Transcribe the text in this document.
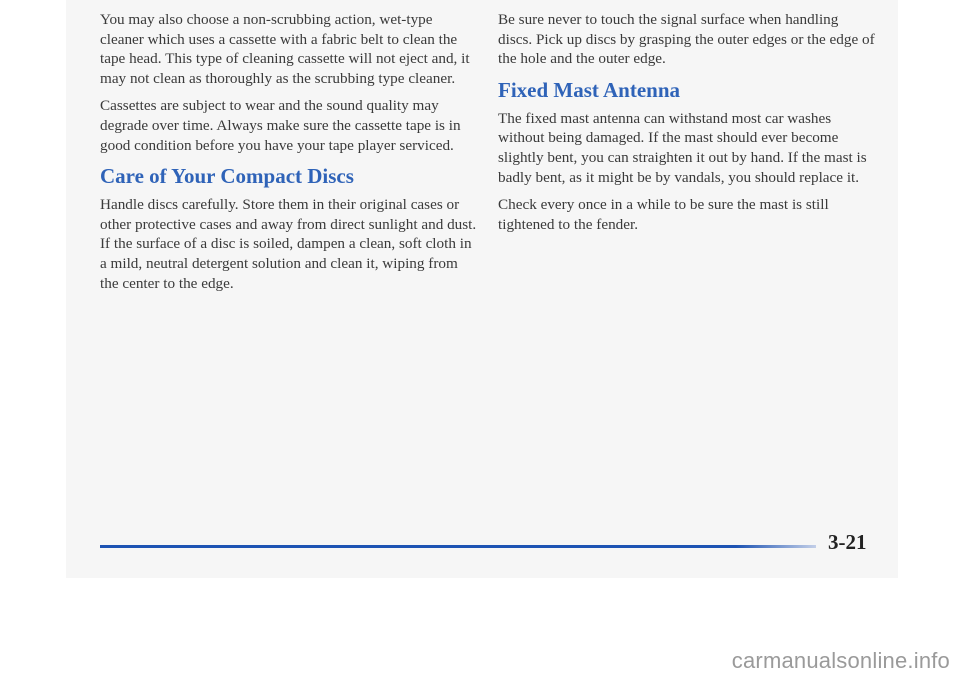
You may also choose a non-scrubbing action, wet-type cleaner which uses a cassette with a fabric belt to clean the tape head. This type of cleaning cassette will not eject and, it may not clean as thoroughly as the scrubbing type cleaner.

Cassettes are subject to wear and the sound quality may degrade over time. Always make sure the cassette tape is in good condition before you have your tape player serviced.

Care of Your Compact Discs

Handle discs carefully. Store them in their original cases or other protective cases and away from direct sunlight and dust. If the surface of a disc is soiled, dampen a clean, soft cloth in a mild, neutral detergent solution and clean it, wiping from the center to the edge.

Be sure never to touch the signal surface when handling discs. Pick up discs by grasping the outer edges or the edge of the hole and the outer edge.

Fixed Mast Antenna

The fixed mast antenna can withstand most car washes without being damaged. If the mast should ever become slightly bent, you can straighten it out by hand. If the mast is badly bent, as it might be by vandals, you should replace it.

Check every once in a while to be sure the mast is still tightened to the fender.

3-21
carmanualsonline.info
